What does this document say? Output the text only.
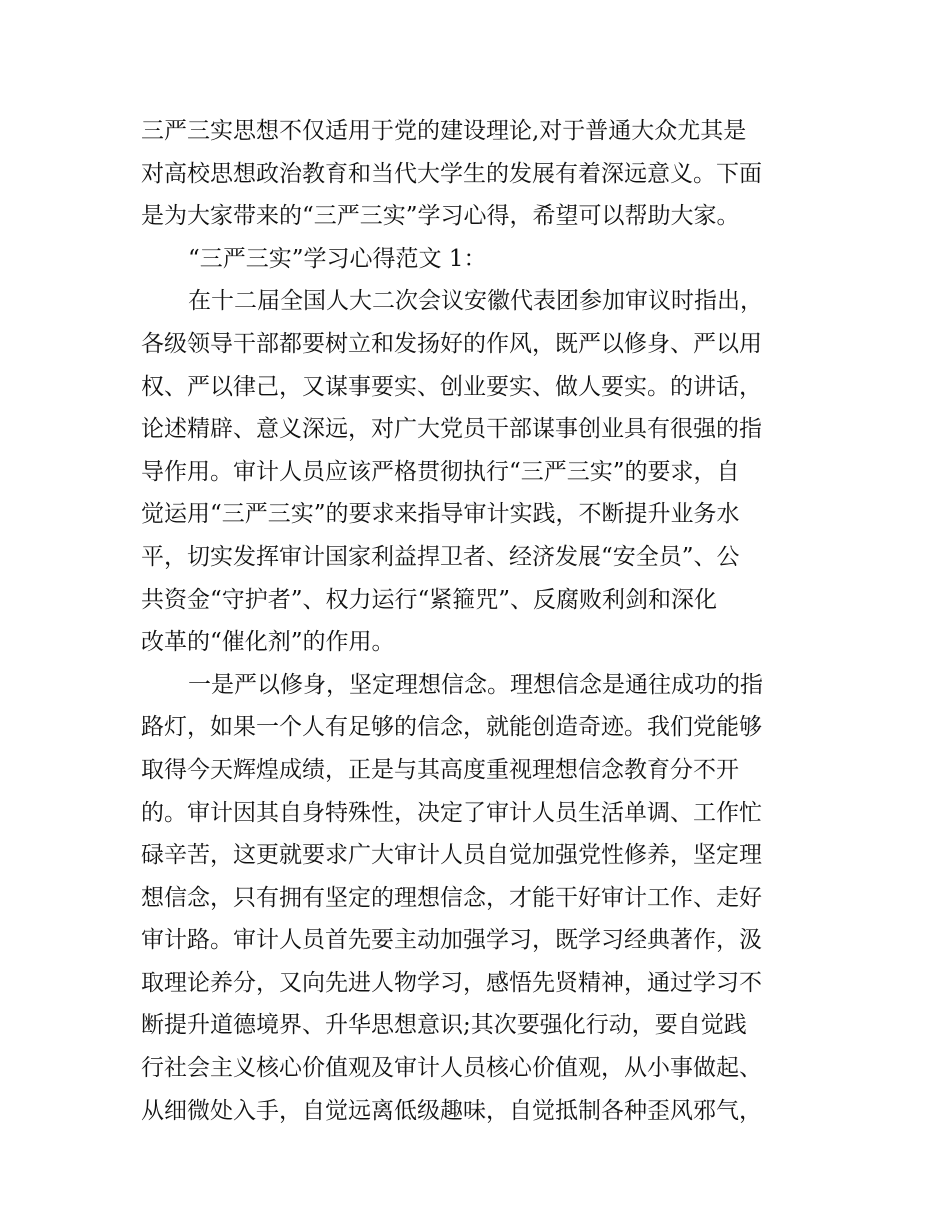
三严三实思想不仅适用于党的建设理论,对于普通大众尤其是
对高校思想政治教育和当代大学生的发展有着深远意义。下面
是为大家带来的“三严三实”学习心得，希望可以帮助大家。
“三严三实”学习心得范文 1：
在十二届全国人大二次会议安徽代表团参加审议时指出，
各级领导干部都要树立和发扬好的作风，既严以修身、严以用
权、严以律己，又谋事要实、创业要实、做人要实。的讲话，
论述精辟、意义深远，对广大党员干部谋事创业具有很强的指
导作用。审计人员应该严格贯彻执行“三严三实”的要求，自
觉运用“三严三实”的要求来指导审计实践，不断提升业务水
平，切实发挥审计国家利益捍卫者、经济发展“安全员”、公
共资金“守护者”、权力运行“紧箍咒”、反腐败利剑和深化
改革的“催化剂”的作用。
一是严以修身，坚定理想信念。理想信念是通往成功的指
路灯，如果一个人有足够的信念，就能创造奇迹。我们党能够
取得今天辉煌成绩，正是与其高度重视理想信念教育分不开
的。审计因其自身特殊性，决定了审计人员生活单调、工作忙
碌辛苦，这更就要求广大审计人员自觉加强党性修养，坚定理
想信念，只有拥有坚定的理想信念，才能干好审计工作、走好
审计路。审计人员首先要主动加强学习，既学习经典著作，汲
取理论养分，又向先进人物学习，感悟先贤精神，通过学习不
断提升道德境界、升华思想意识;其次要强化行动，要自觉践
行社会主义核心价值观及审计人员核心价值观，从小事做起、
从细微处入手，自觉远离低级趣味，自觉抵制各种歪风邪气，
